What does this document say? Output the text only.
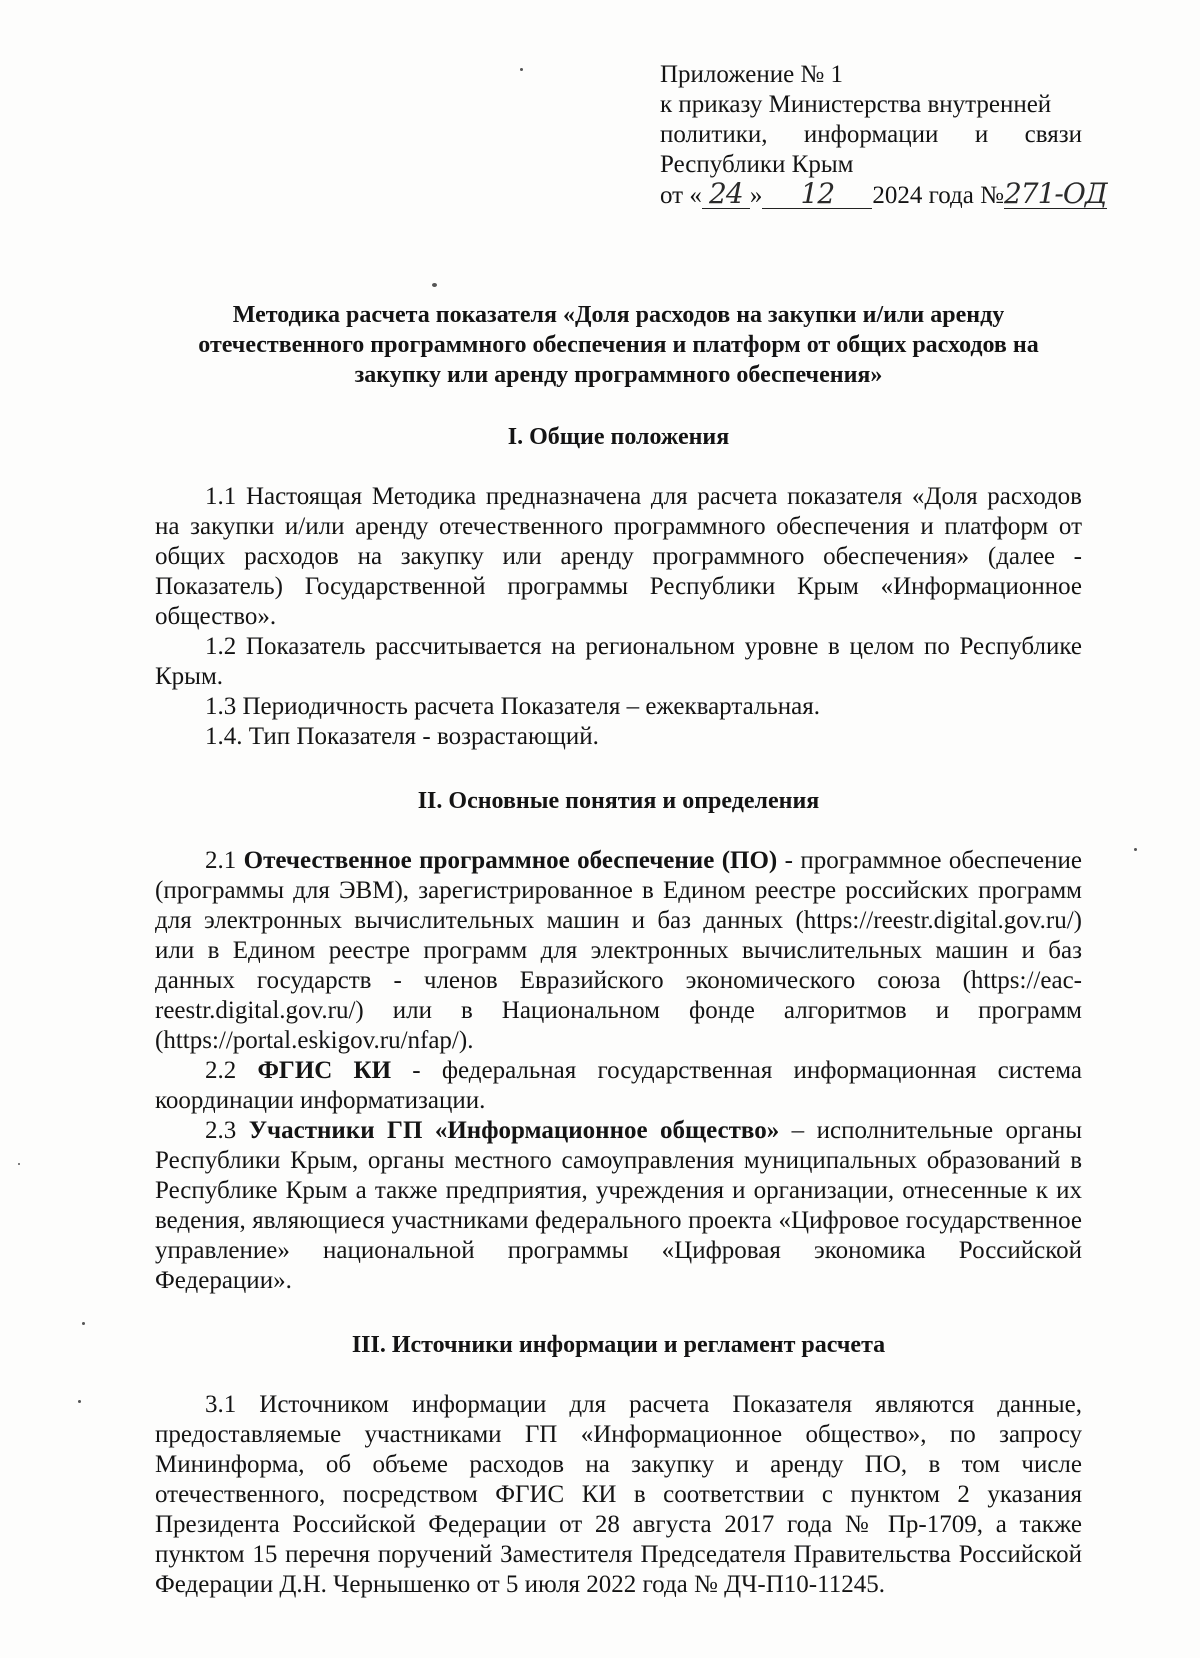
Приложение № 1
к приказу Министерства внутренней
политики, информации и связи
Республики Крым
от « 24 » 12 2024 года №271-ОД
Методика расчета показателя «Доля расходов на закупки и/или аренду отечественного программного обеспечения и платформ от общих расходов на закупку или аренду программного обеспечения»
I. Общие положения

1.1 Настоящая Методика предназначена для расчета показателя «Доля расходов на закупки и/или аренду отечественного программного обеспечения и платформ от общих расходов на закупку или аренду программного обеспечения» (далее - Показатель) Государственной программы Республики Крым «Информационное общество».

1.2 Показатель рассчитывается на региональном уровне в целом по Республике Крым.

1.3 Периодичность расчета Показателя – ежеквартальная.

1.4. Тип Показателя - возрастающий.

II. Основные понятия и определения

2.1 Отечественное программное обеспечение (ПО) - программное обеспечение (программы для ЭВМ), зарегистрированное в Едином реестре российских программ для электронных вычислительных машин и баз данных (https://reestr.digital.gov.ru/) или в Едином реестре программ для электронных вычислительных машин и баз данных государств - членов Евразийского экономического союза (https://eac-reestr.digital.gov.ru/) или в Национальном фонде алгоритмов и программ (https://portal.eskigov.ru/nfap/).

2.2 ФГИС КИ - федеральная государственная информационная система координации информатизации.

2.3 Участники ГП «Информационное общество» – исполнительные органы Республики Крым, органы местного самоуправления муниципальных образований в Республике Крым а также предприятия, учреждения и организации, отнесенные к их ведения, являющиеся участниками федерального проекта «Цифровое государственное управление» национальной программы «Цифровая экономика Российской Федерации».

III. Источники информации и регламент расчета

3.1 Источником информации для расчета Показателя являются данные, предоставляемые участниками ГП «Информационное общество», по запросу Мининформа, об объеме расходов на закупку и аренду ПО, в том числе отечественного, посредством ФГИС КИ в соответствии с пунктом 2 указания Президента Российской Федерации от 28 августа 2017 года № Пр-1709, а также пунктом 15 перечня поручений Заместителя Председателя Правительства Российской Федерации Д.Н. Чернышенко от 5 июля 2022 года № ДЧ-П10-11245.
